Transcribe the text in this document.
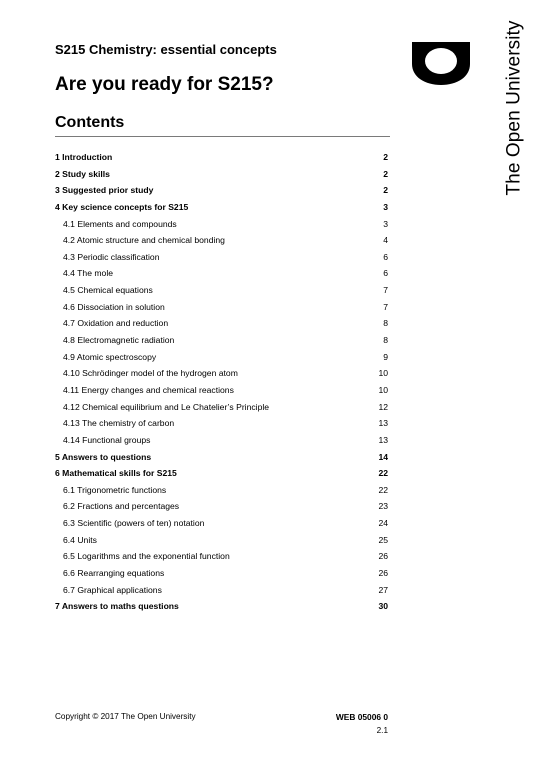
S215 Chemistry: essential concepts
Are you ready for S215?
Contents	The Open University
1 Introduction	2
2 Study skills	2
3 Suggested prior study	2
4 Key science concepts for S215	3
4.1 Elements and compounds	3
4.2 Atomic structure and chemical bonding	4
4.3 Periodic classification	6
4.4 The mole	6
4.5 Chemical equations	7
4.6 Dissociation in solution	7
4.7 Oxidation and reduction	8
4.8 Electromagnetic radiation	8
4.9 Atomic spectroscopy	9
4.10 Schrödinger model of the hydrogen atom	10
4.11 Energy changes and chemical reactions	10
4.12 Chemical equilibrium and Le Chatelier’s Principle	12
4.13 The chemistry of carbon	13
4.14 Functional groups	13
5 Answers to questions	14
6 Mathematical skills for S215	22
6.1 Trigonometric functions	22
6.2 Fractions and percentages	23
6.3 Scientific (powers of ten) notation	24
6.4 Units	25
6.5 Logarithms and the exponential function	26
6.6 Rearranging equations	26
6.7 Graphical applications	27
7 Answers to maths questions	30
Copyright © 2017 The Open University	WEB 05006 0
2.1
